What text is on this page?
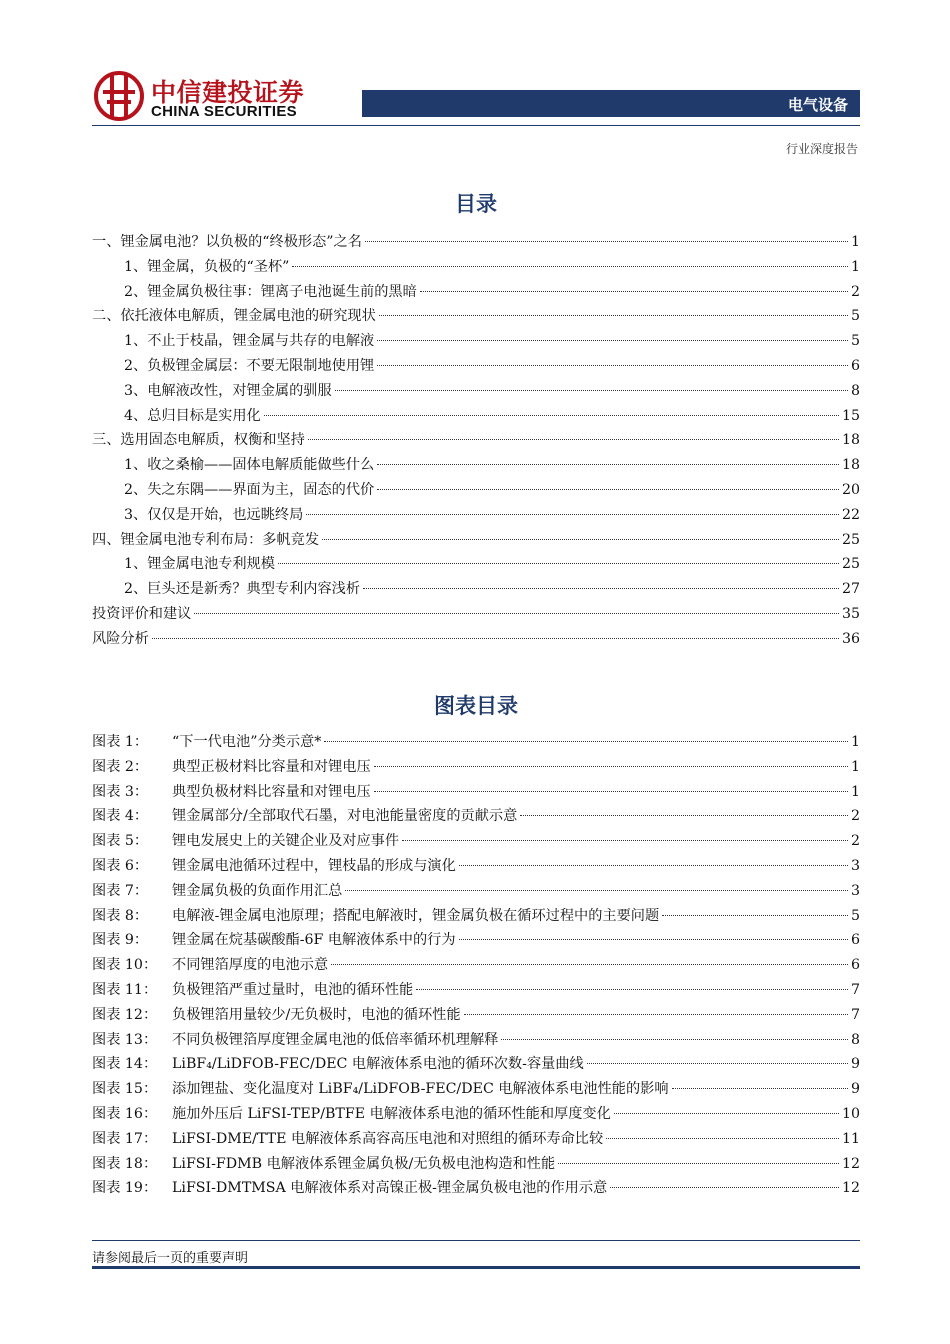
中信建投证券
CHINA SECURITIES	电气设备
行业深度报告
目录
一、锂金属电池？以负极的“终极形态”之名	1
1、锂金属，负极的“圣杯”	1
2、锂金属负极往事：锂离子电池诞生前的黑暗	2
二、依托液体电解质，锂金属电池的研究现状	5
1、不止于枝晶，锂金属与共存的电解液	5
2、负极锂金属层：不要无限制地使用锂	6
3、电解液改性，对锂金属的驯服	8
4、总归目标是实用化	15
三、选用固态电解质，权衡和坚持	18
1、收之桑榆——固体电解质能做些什么	18
2、失之东隅——界面为主，固态的代价	20
3、仅仅是开始，也远眺终局	22
四、锂金属电池专利布局：多帆竞发	25
1、锂金属电池专利规模	25
2、巨头还是新秀？典型专利内容浅析	27
投资评价和建议	35
风险分析	36
图表目录
图表 1： “下一代电池”分类示意*	1
图表 2： 典型正极材料比容量和对锂电压	1
图表 3： 典型负极材料比容量和对锂电压	1
图表 4： 锂金属部分/全部取代石墨，对电池能量密度的贡献示意	2
图表 5： 锂电发展史上的关键企业及对应事件	2
图表 6： 锂金属电池循环过程中，锂枝晶的形成与演化	3
图表 7： 锂金属负极的负面作用汇总	3
图表 8： 电解液-锂金属电池原理；搭配电解液时，锂金属负极在循环过程中的主要问题	5
图表 9： 锂金属在烷基碳酸酯-6F 电解液体系中的行为	6
图表 10： 不同锂箔厚度的电池示意	6
图表 11： 负极锂箔严重过量时，电池的循环性能	7
图表 12： 负极锂箔用量较少/无负极时，电池的循环性能	7
图表 13： 不同负极锂箔厚度锂金属电池的低倍率循环机理解释	8
图表 14： LiBF₄/LiDFOB-FEC/DEC 电解液体系电池的循环次数-容量曲线	9
图表 15： 添加锂盐、变化温度对 LiBF₄/LiDFOB-FEC/DEC 电解液体系电池性能的影响	9
图表 16： 施加外压后 LiFSI-TEP/BTFE 电解液体系电池的循环性能和厚度变化	10
图表 17： LiFSI-DME/TTE 电解液体系高容高压电池和对照组的循环寿命比较	11
图表 18： LiFSI-FDMB 电解液体系锂金属负极/无负极电池构造和性能	12
图表 19： LiFSI-DMTMSA 电解液体系对高镍正极-锂金属负极电池的作用示意	12
请参阅最后一页的重要声明
